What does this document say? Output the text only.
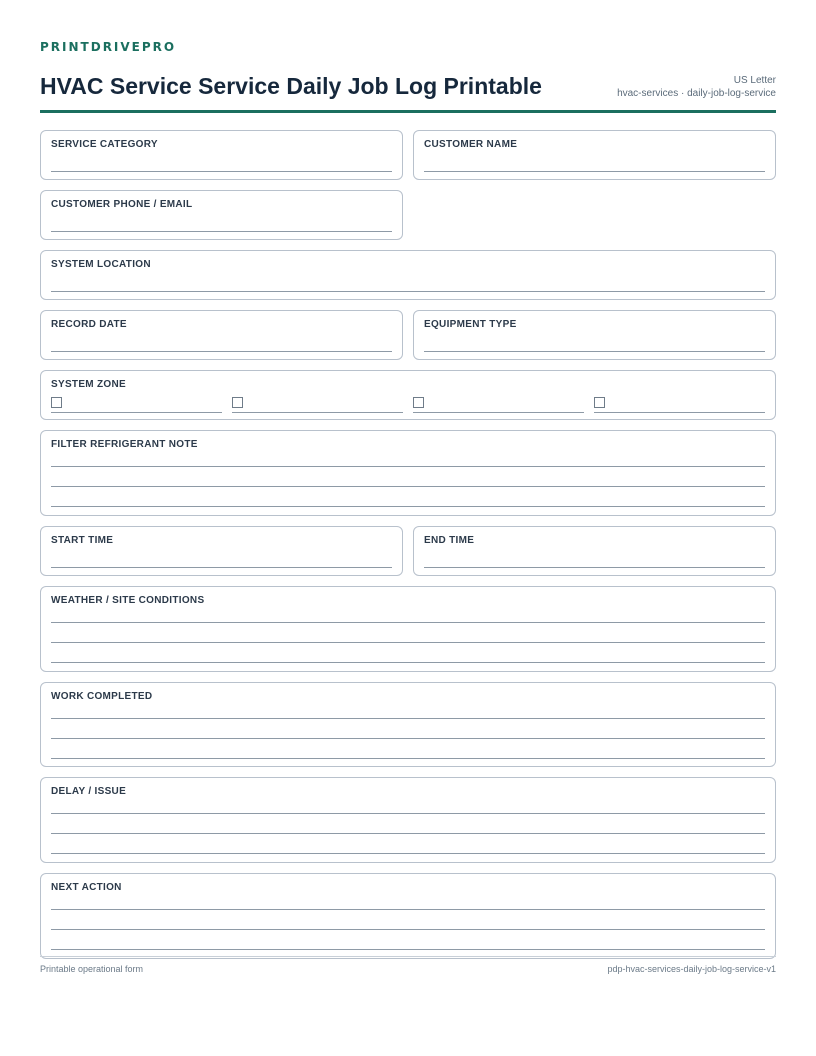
PRINTDRIVEPRO
HVAC Service Service Daily Job Log Printable	US Letter
hvac-services · daily-job-log-service
SERVICE CATEGORY	CUSTOMER NAME
CUSTOMER PHONE / EMAIL
SYSTEM LOCATION
RECORD DATE	EQUIPMENT TYPE
SYSTEM ZONE
FILTER REFRIGERANT NOTE
START TIME	END TIME
WEATHER / SITE CONDITIONS
WORK COMPLETED
DELAY / ISSUE
NEXT ACTION
Printable operational form	pdp-hvac-services-daily-job-log-service-v1
